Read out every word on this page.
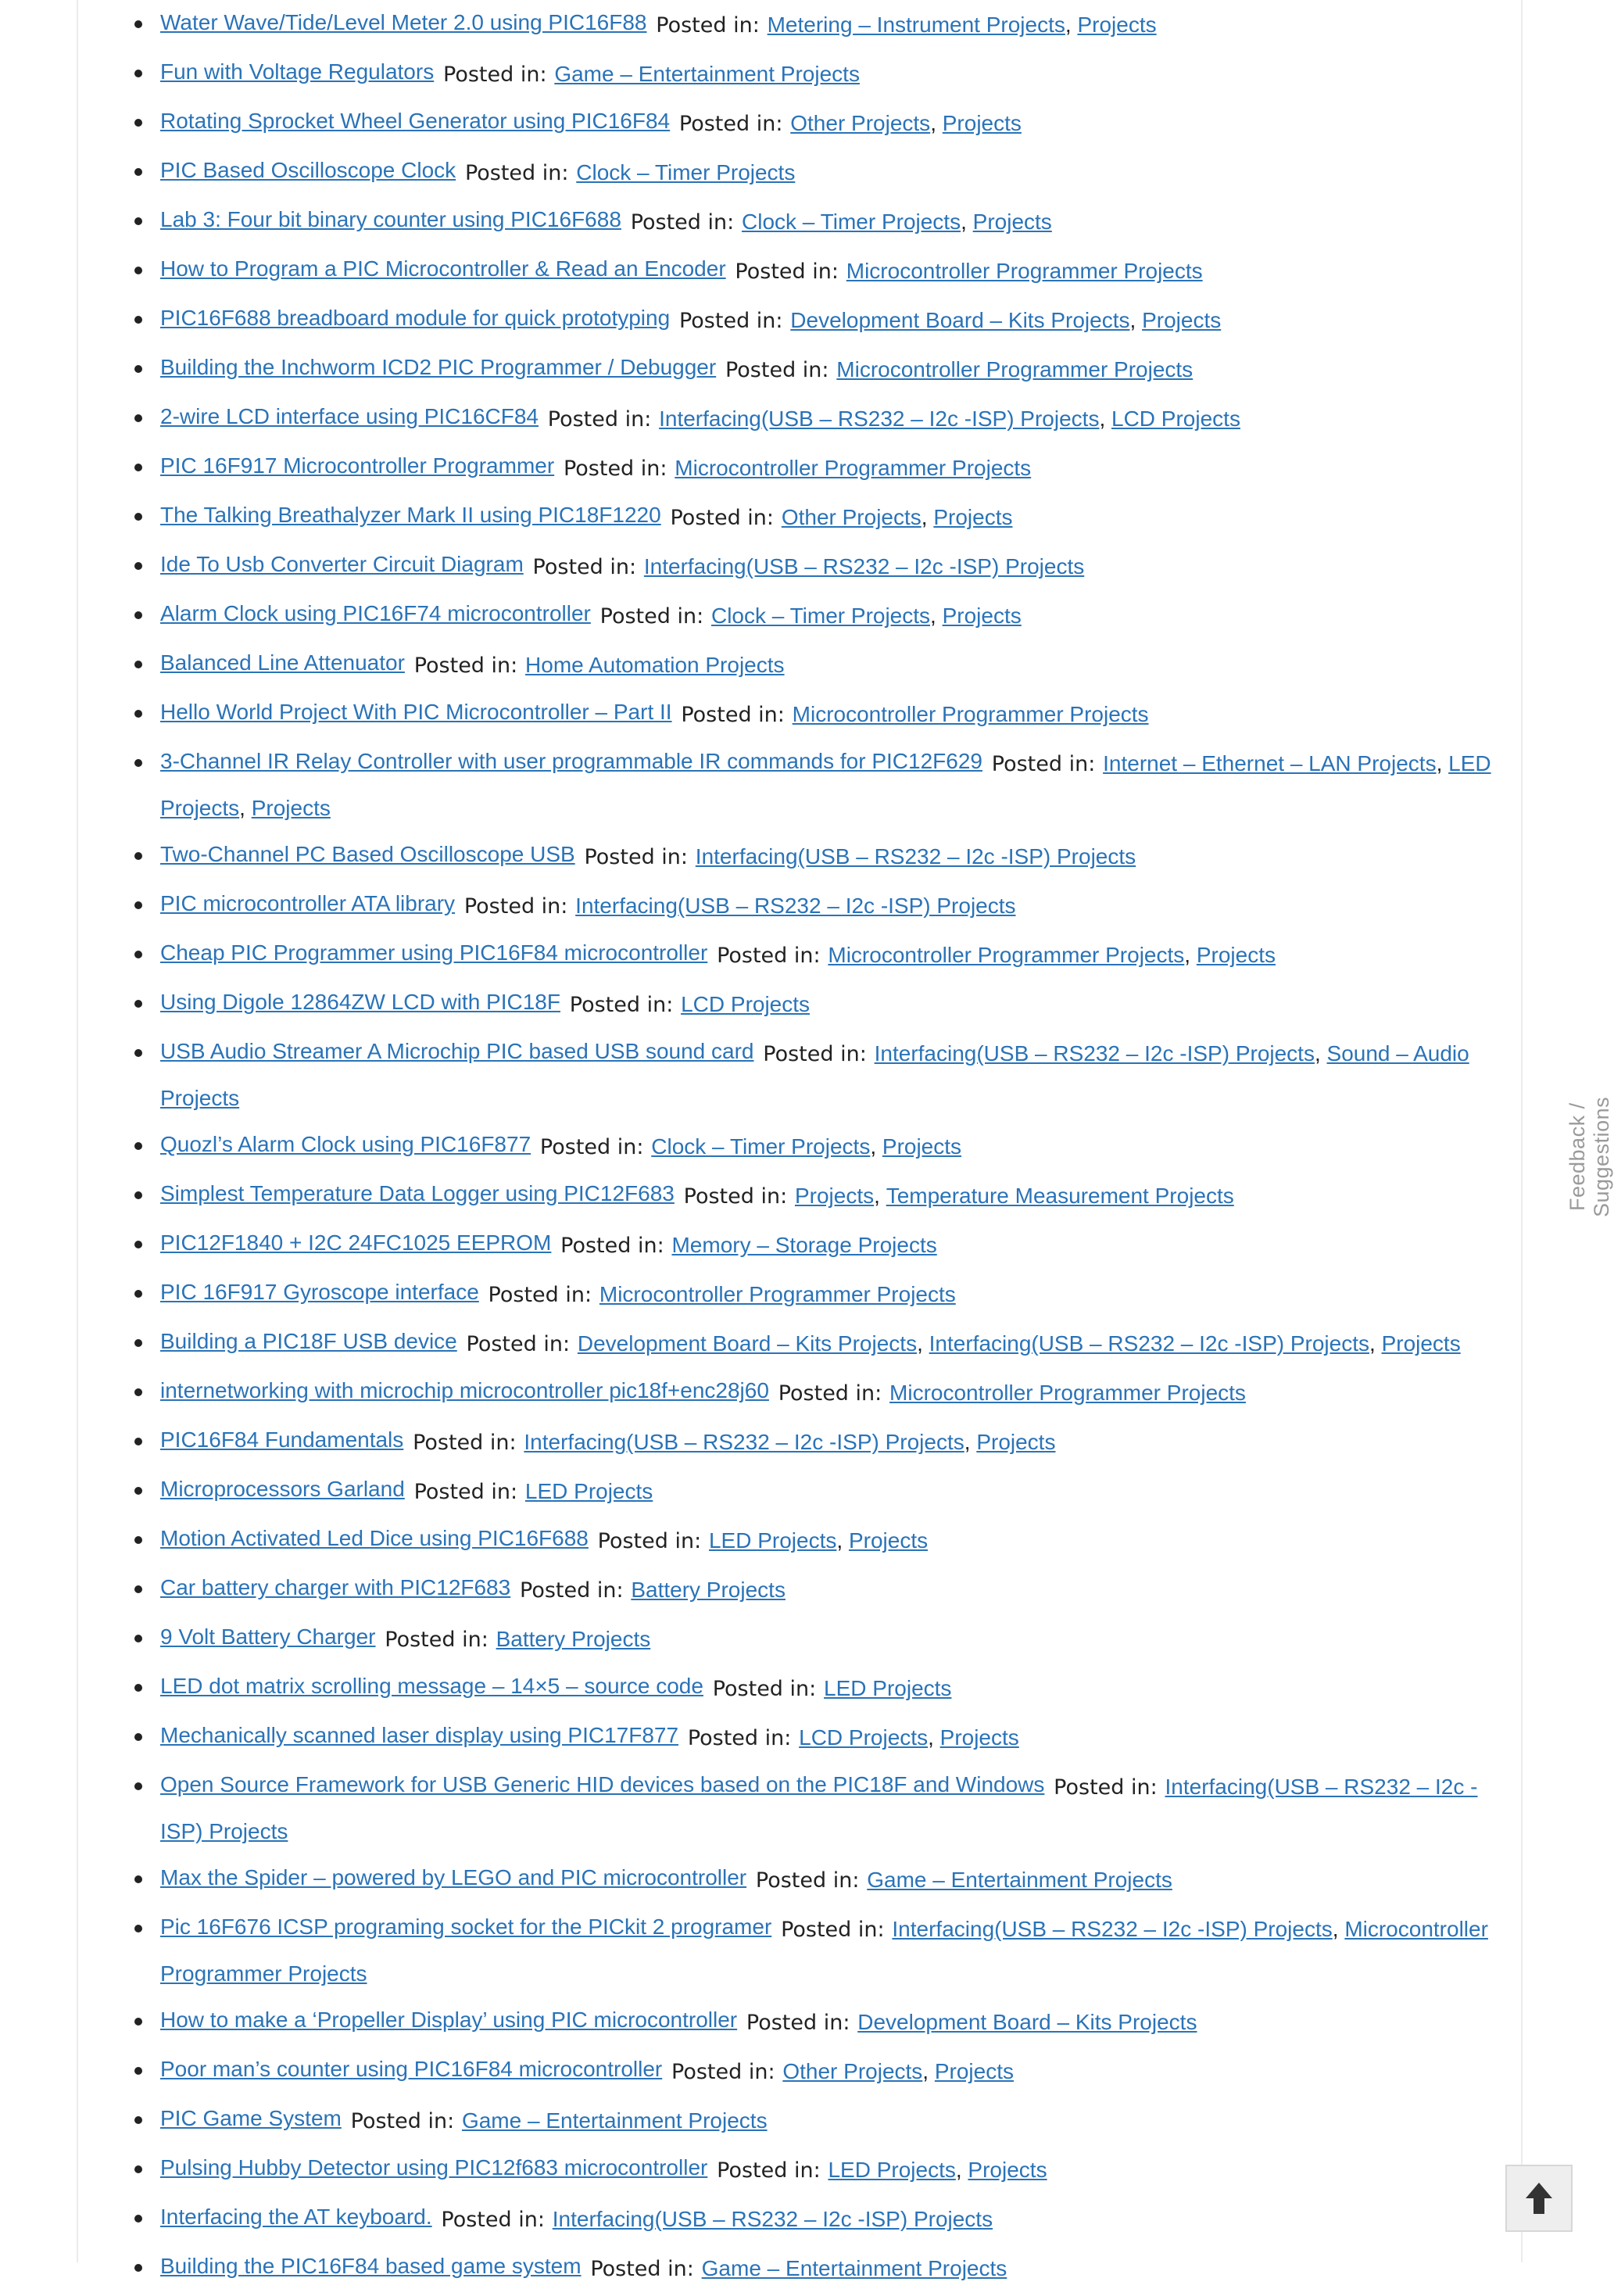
Water Wave/Tide/Level Meter 2.0 using PIC16F88 Posted in: Metering – Instrument Projects, Projects
Fun with Voltage Regulators Posted in: Game – Entertainment Projects
Rotating Sprocket Wheel Generator using PIC16F84 Posted in: Other Projects, Projects
PIC Based Oscilloscope Clock Posted in: Clock – Timer Projects
Lab 3: Four bit binary counter using PIC16F688 Posted in: Clock – Timer Projects, Projects
How to Program a PIC Microcontroller & Read an Encoder Posted in: Microcontroller Programmer Projects
PIC16F688 breadboard module for quick prototyping Posted in: Development Board – Kits Projects, Projects
Building the Inchworm ICD2 PIC Programmer / Debugger Posted in: Microcontroller Programmer Projects
2-wire LCD interface using PIC16CF84 Posted in: Interfacing(USB – RS232 – I2c -ISP) Projects, LCD Projects
PIC 16F917 Microcontroller Programmer Posted in: Microcontroller Programmer Projects
The Talking Breathalyzer Mark II using PIC18F1220 Posted in: Other Projects, Projects
Ide To Usb Converter Circuit Diagram Posted in: Interfacing(USB – RS232 – I2c -ISP) Projects
Alarm Clock using PIC16F74 microcontroller Posted in: Clock – Timer Projects, Projects
Balanced Line Attenuator Posted in: Home Automation Projects
Hello World Project With PIC Microcontroller – Part II Posted in: Microcontroller Programmer Projects
3-Channel IR Relay Controller with user programmable IR commands for PIC12F629 Posted in: Internet – Ethernet – LAN Projects, LED Projects, Projects
Two-Channel PC Based Oscilloscope USB Posted in: Interfacing(USB – RS232 – I2c -ISP) Projects
PIC microcontroller ATA library Posted in: Interfacing(USB – RS232 – I2c -ISP) Projects
Cheap PIC Programmer using PIC16F84 microcontroller Posted in: Microcontroller Programmer Projects, Projects
Using Digole 12864ZW LCD with PIC18F Posted in: LCD Projects
USB Audio Streamer A Microchip PIC based USB sound card Posted in: Interfacing(USB – RS232 – I2c -ISP) Projects, Sound – Audio Projects
Quozl’s Alarm Clock using PIC16F877 Posted in: Clock – Timer Projects, Projects
Simplest Temperature Data Logger using PIC12F683 Posted in: Projects, Temperature Measurement Projects
PIC12F1840 + I2C 24FC1025 EEPROM Posted in: Memory – Storage Projects
PIC 16F917 Gyroscope interface Posted in: Microcontroller Programmer Projects
Building a PIC18F USB device Posted in: Development Board – Kits Projects, Interfacing(USB – RS232 – I2c -ISP) Projects, Projects
internetworking with microchip microcontroller pic18f+enc28j60 Posted in: Microcontroller Programmer Projects
PIC16F84 Fundamentals Posted in: Interfacing(USB – RS232 – I2c -ISP) Projects, Projects
Microprocessors Garland Posted in: LED Projects
Motion Activated Led Dice using PIC16F688 Posted in: LED Projects, Projects
Car battery charger with PIC12F683 Posted in: Battery Projects
9 Volt Battery Charger Posted in: Battery Projects
LED dot matrix scrolling message – 14×5 – source code Posted in: LED Projects
Mechanically scanned laser display using PIC17F877 Posted in: LCD Projects, Projects
Open Source Framework for USB Generic HID devices based on the PIC18F and Windows Posted in: Interfacing(USB – RS232 – I2c -ISP) Projects
Max the Spider – powered by LEGO and PIC microcontroller Posted in: Game – Entertainment Projects
Pic 16F676 ICSP programing socket for the PICkit 2 programer Posted in: Interfacing(USB – RS232 – I2c -ISP) Projects, Microcontroller Programmer Projects
How to make a ‘Propeller Display’ using PIC microcontroller Posted in: Development Board – Kits Projects
Poor man’s counter using PIC16F84 microcontroller Posted in: Other Projects, Projects
PIC Game System Posted in: Game – Entertainment Projects
Pulsing Hubby Detector using PIC12f683 microcontroller Posted in: LED Projects, Projects
Interfacing the AT keyboard. Posted in: Interfacing(USB – RS232 – I2c -ISP) Projects
Building the PIC16F84 based game system Posted in: Game – Entertainment Projects
Feedback / Suggestions
